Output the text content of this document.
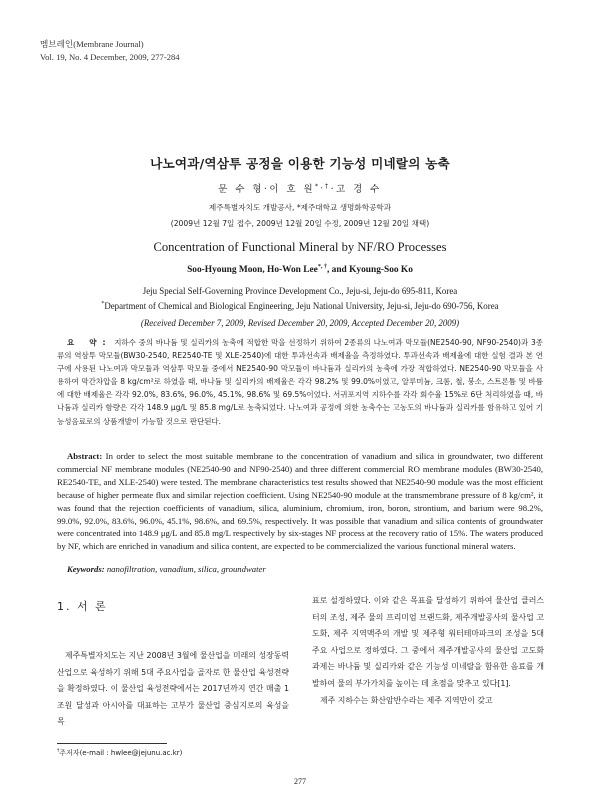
멤브레인(Membrane Journal)
Vol. 19, No. 4 December, 2009, 277-284
나노여과/역삼투 공정을 이용한 기능성 미네랄의 농축
문 수 형·이 호 원*,†·고 경 수
제주특별자치도 개발공사, *제주대학교 생명화학공학과
(2009년 12월 7일 접수, 2009년 12월 20일 수정, 2009년 12월 20일 채택)
Concentration of Functional Mineral by NF/RO Processes
Soo-Hyoung Moon, Ho-Won Lee*, †, and Kyoung-Soo Ko
Jeju Special Self-Governing Province Development Co., Jeju-si, Jeju-do 695-811, Korea
*Department of Chemical and Biological Engineering, Jeju National University, Jeju-si, Jeju-do 690-756, Korea
(Received December 7, 2009, Revised December 20, 2009, Accepted December 20, 2009)

요 약: 지하수 중의 바나듐 및 실리카의 농축에 적합한 막을 선정하기 위하여 2종류의 나노여과 막모듈(NE2540-90, NF90-2540)과 3종류의 역삼투 막모듈(BW30-2540, RE2540-TE 및 XLE-2540)에 대한 투과선속과 배제율을 측정하였다. 투과선속과 배제율에 대한 실험 결과 본 연구에 사용된 나노여과 막모듈과 역삼투 막모듈 중에서 NE2540-90 막모듈이 바나듐과 실리카의 농축에 가장 적합하였다. NE2540-90 막모듈을 사용하여 막간차압을 8 kg/cm²로 하였을 때, 바나듐 및 실리카의 배제율은 각각 98.2% 및 99.0%이였고, 알루미늄, 크롬, 철, 붕소, 스트론튬 및 바륨에 대한 배제율은 각각 92.0%, 83.6%, 96.0%, 45.1%, 98.6% 및 69.5%이었다. 서귀포지역 지하수를 각각 회수율 15%로 6단 처리하였을 때, 바나듐과 실리카 함량은 각각 148.9 μg/L 및 85.8 mg/L로 농축되었다. 나노여과 공정에 의한 농축수는 고농도의 바나듐과 실리카를 함유하고 있어 기능성음료로의 상품개발이 가능할 것으로 판단된다.

Abstract: In order to select the most suitable membrane to the concentration of vanadium and silica in groundwater, two different commercial NF membrane modules (NE2540-90 and NF90-2540) and three different commercial RO membrane modules (BW30-2540, RE2540-TE, and XLE-2540) were tested. The membrane characteristics test results showed that NE2540-90 module was the most efficient because of higher permeate flux and similar rejection coefficient. Using NE2540-90 module at the transmembrane pressure of 8 kg/cm², it was found that the rejection coefficients of vanadium, silica, aluminium, chromium, iron, boron, strontium, and barium were 98.2%, 99.0%, 92.0%, 83.6%, 96.0%, 45.1%, 98.6%, and 69.5%, respectively. It was possible that vanadium and silica contents of groundwater were concentrated into 148.9 μg/L and 85.8 mg/L respectively by six-stages NF process at the recovery ratio of 15%. The waters produced by NF, which are enriched in vanadium and silica content, are expected to be commercialized the various functional mineral waters.

Keywords: nanofiltration, vanadium, silica, groundwater
1. 서 론

제주특별자치도는 지난 2008년 3월에 물산업을 미래의 성장동력산업으로 육성하기 위해 5대 주요사업을 골자로 한 물산업 육성전략을 확정하였다. 이 물산업 육성전략에서는 2017년까지 연간 매출 1조원 달성과 아시아를 대표하는 고부가 물산업 중심지로의 육성을 목

표로 설정하였다. 이와 같은 목표를 달성하기 위하여 물산업 클러스터의 조성, 제주 물의 프리미엄 브랜드화, 제주개발공사의 물사업 고도화, 제주 지역맥주의 개발 및 제주형 워터테마파크의 조성을 5대 주요 사업으로 정하였다. 그 중에서 제주개발공사의 물산업 고도화 과제는 바나듐 및 실리카와 같은 기능성 미네랄을 함유한 음료를 개발하여 물의 부가가치를 높이는 데 초점을 맞추고 있다[1].

제주 지하수는 화산암반수라는 제주 지역만이 갖고

†주저자(e-mail : hwlee@jejunu.ac.kr)
277
